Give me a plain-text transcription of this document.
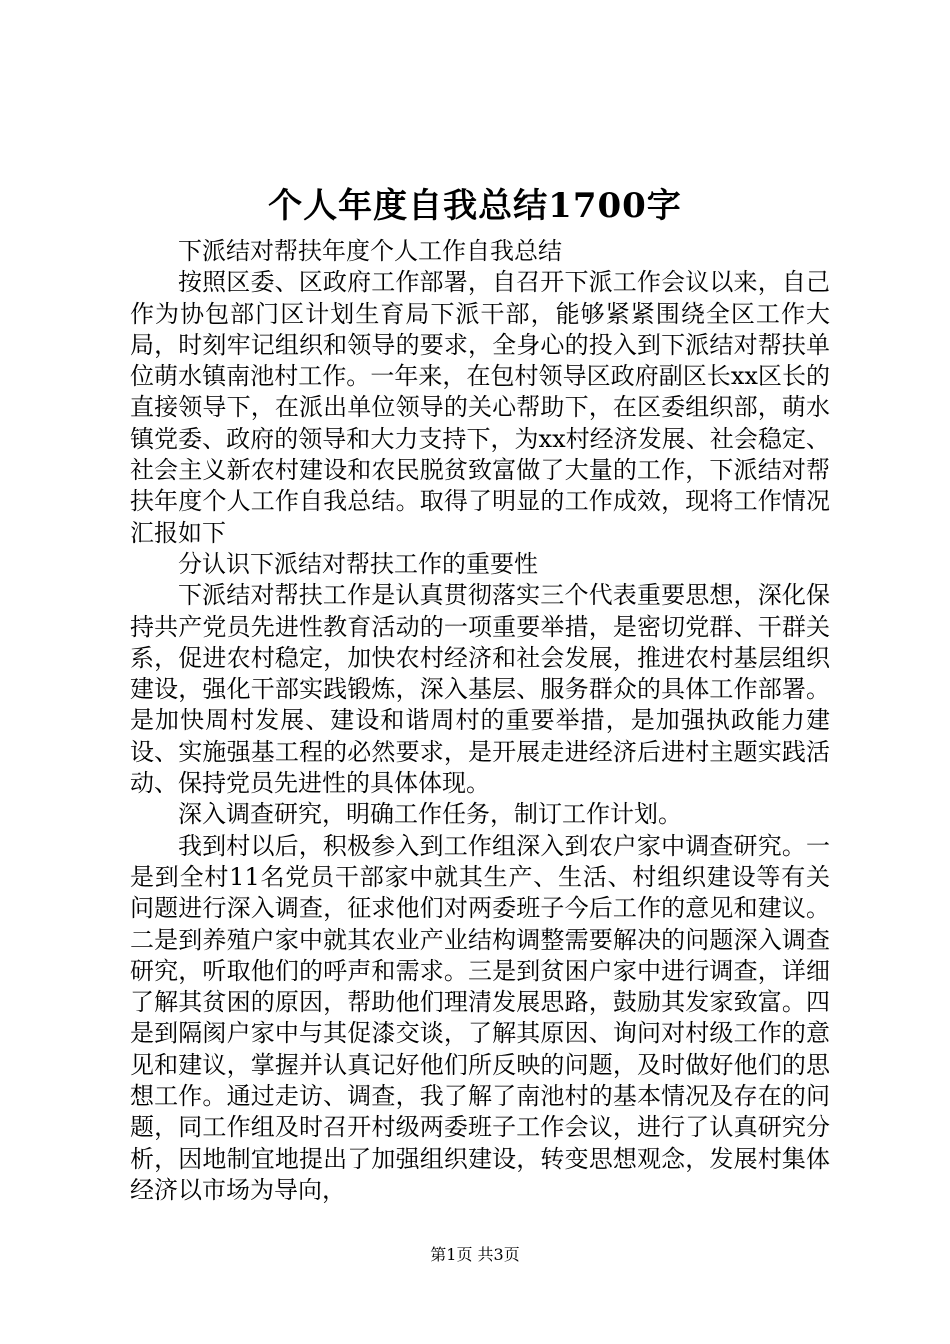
个人年度自我总结1700字

下派结对帮扶年度个人工作自我总结

按照区委、区政府工作部署，自召开下派工作会议以来，自己作为协包部门区计划生育局下派干部，能够紧紧围绕全区工作大局，时刻牢记组织和领导的要求，全身心的投入到下派结对帮扶单位萌水镇南池村工作。一年来，在包村领导区政府副区长xx区长的直接领导下，在派出单位领导的关心帮助下，在区委组织部，萌水镇党委、政府的领导和大力支持下，为xx村经济发展、社会稳定、社会主义新农村建设和农民脱贫致富做了大量的工作，下派结对帮扶年度个人工作自我总结。取得了明显的工作成效，现将工作情况汇报如下

分认识下派结对帮扶工作的重要性

下派结对帮扶工作是认真贯彻落实三个代表重要思想，深化保持共产党员先进性教育活动的一项重要举措，是密切党群、干群关系，促进农村稳定，加快农村经济和社会发展，推进农村基层组织建设，强化干部实践锻炼，深入基层、服务群众的具体工作部署。是加快周村发展、建设和谐周村的重要举措，是加强执政能力建设、实施强基工程的必然要求，是开展走进经济后进村主题实践活动、保持党员先进性的具体体现。

深入调查研究，明确工作任务，制订工作计划。

我到村以后，积极参入到工作组深入到农户家中调查研究。一是到全村11名党员干部家中就其生产、生活、村组织建设等有关问题进行深入调查，征求他们对两委班子今后工作的意见和建议。二是到养殖户家中就其农业产业结构调整需要解决的问题深入调查研究，听取他们的呼声和需求。三是到贫困户家中进行调查，详细了解其贫困的原因，帮助他们理清发展思路，鼓励其发家致富。四是到隔阂户家中与其促漆交谈，了解其原因、询问对村级工作的意见和建议，掌握并认真记好他们所反映的问题，及时做好他们的思想工作。通过走访、调查，我了解了南池村的基本情况及存在的问题，同工作组及时召开村级两委班子工作会议，进行了认真研究分析，因地制宜地提出了加强组织建设，转变思想观念，发展村集体经济以市场为导向，

第1页 共3页
